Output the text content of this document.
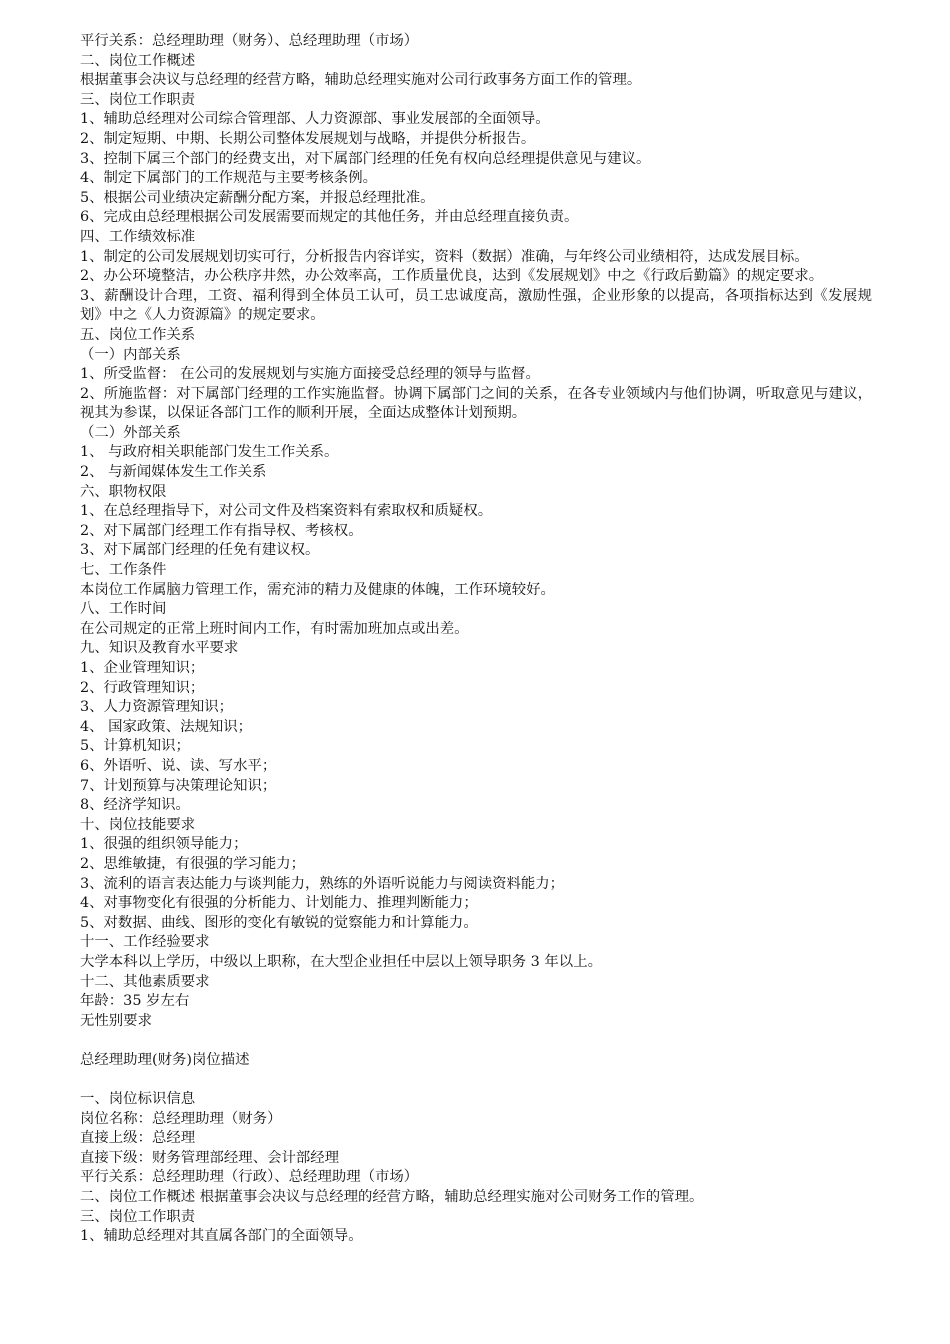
平行关系：总经理助理（财务）、总经理助理（市场）

二、岗位工作概述

根据董事会决议与总经理的经营方略，辅助总经理实施对公司行政事务方面工作的管理。

三、岗位工作职责

1、辅助总经理对公司综合管理部、人力资源部、事业发展部的全面领导。

2、制定短期、中期、长期公司整体发展规划与战略，并提供分析报告。

3、控制下属三个部门的经费支出，对下属部门经理的任免有权向总经理提供意见与建议。

4、制定下属部门的工作规范与主要考核条例。

5、根据公司业绩决定薪酬分配方案，并报总经理批准。

6、完成由总经理根据公司发展需要而规定的其他任务，并由总经理直接负责。

四、工作绩效标准

1、制定的公司发展规划切实可行，分析报告内容详实，资料（数据）准确，与年终公司业绩相符，达成发展目标。

2、办公环境整洁，办公秩序井然，办公效率高，工作质量优良，达到《发展规划》中之《行政后勤篇》的规定要求。

3、薪酬设计合理，工资、福利得到全体员工认可，员工忠诚度高，激励性强，企业形象的以提高，各项指标达到《发展规划》中之《人力资源篇》的规定要求。

五、岗位工作关系

（一）内部关系

1、所受监督： 在公司的发展规划与实施方面接受总经理的领导与监督。

2、所施监督：对下属部门经理的工作实施监督。协调下属部门之间的关系，在各专业领域内与他们协调，听取意见与建议，视其为参谋，以保证各部门工作的顺利开展，全面达成整体计划预期。

（二）外部关系

1、 与政府相关职能部门发生工作关系。

2、 与新闻媒体发生工作关系

六、职物权限

1、在总经理指导下，对公司文件及档案资料有索取权和质疑权。

2、对下属部门经理工作有指导权、考核权。

3、对下属部门经理的任免有建议权。

七、工作条件

本岗位工作属脑力管理工作，需充沛的精力及健康的体魄，工作环境较好。

八、工作时间

在公司规定的正常上班时间内工作，有时需加班加点或出差。

九、知识及教育水平要求

1、企业管理知识；

2、行政管理知识；

3、人力资源管理知识；

4、 国家政策、法规知识；

5、计算机知识；

6、外语听、说、读、写水平；

7、计划预算与决策理论知识；

8、经济学知识。

十、岗位技能要求

1、很强的组织领导能力；

2、思维敏捷，有很强的学习能力；

3、流利的语言表达能力与谈判能力，熟练的外语听说能力与阅读资料能力；

4、对事物变化有很强的分析能力、计划能力、推理判断能力；

5、对数据、曲线、图形的变化有敏锐的觉察能力和计算能力。

十一、工作经验要求

大学本科以上学历，中级以上职称，在大型企业担任中层以上领导职务 3 年以上。

十二、其他素质要求

年龄：35 岁左右

无性别要求

总经理助理(财务)岗位描述

一、岗位标识信息

岗位名称：总经理助理（财务）

直接上级：总经理

直接下级：财务管理部经理、会计部经理

平行关系：总经理助理（行政）、总经理助理（市场）

二、岗位工作概述 根据董事会决议与总经理的经营方略，辅助总经理实施对公司财务工作的管理。

三、岗位工作职责

1、辅助总经理对其直属各部门的全面领导。
